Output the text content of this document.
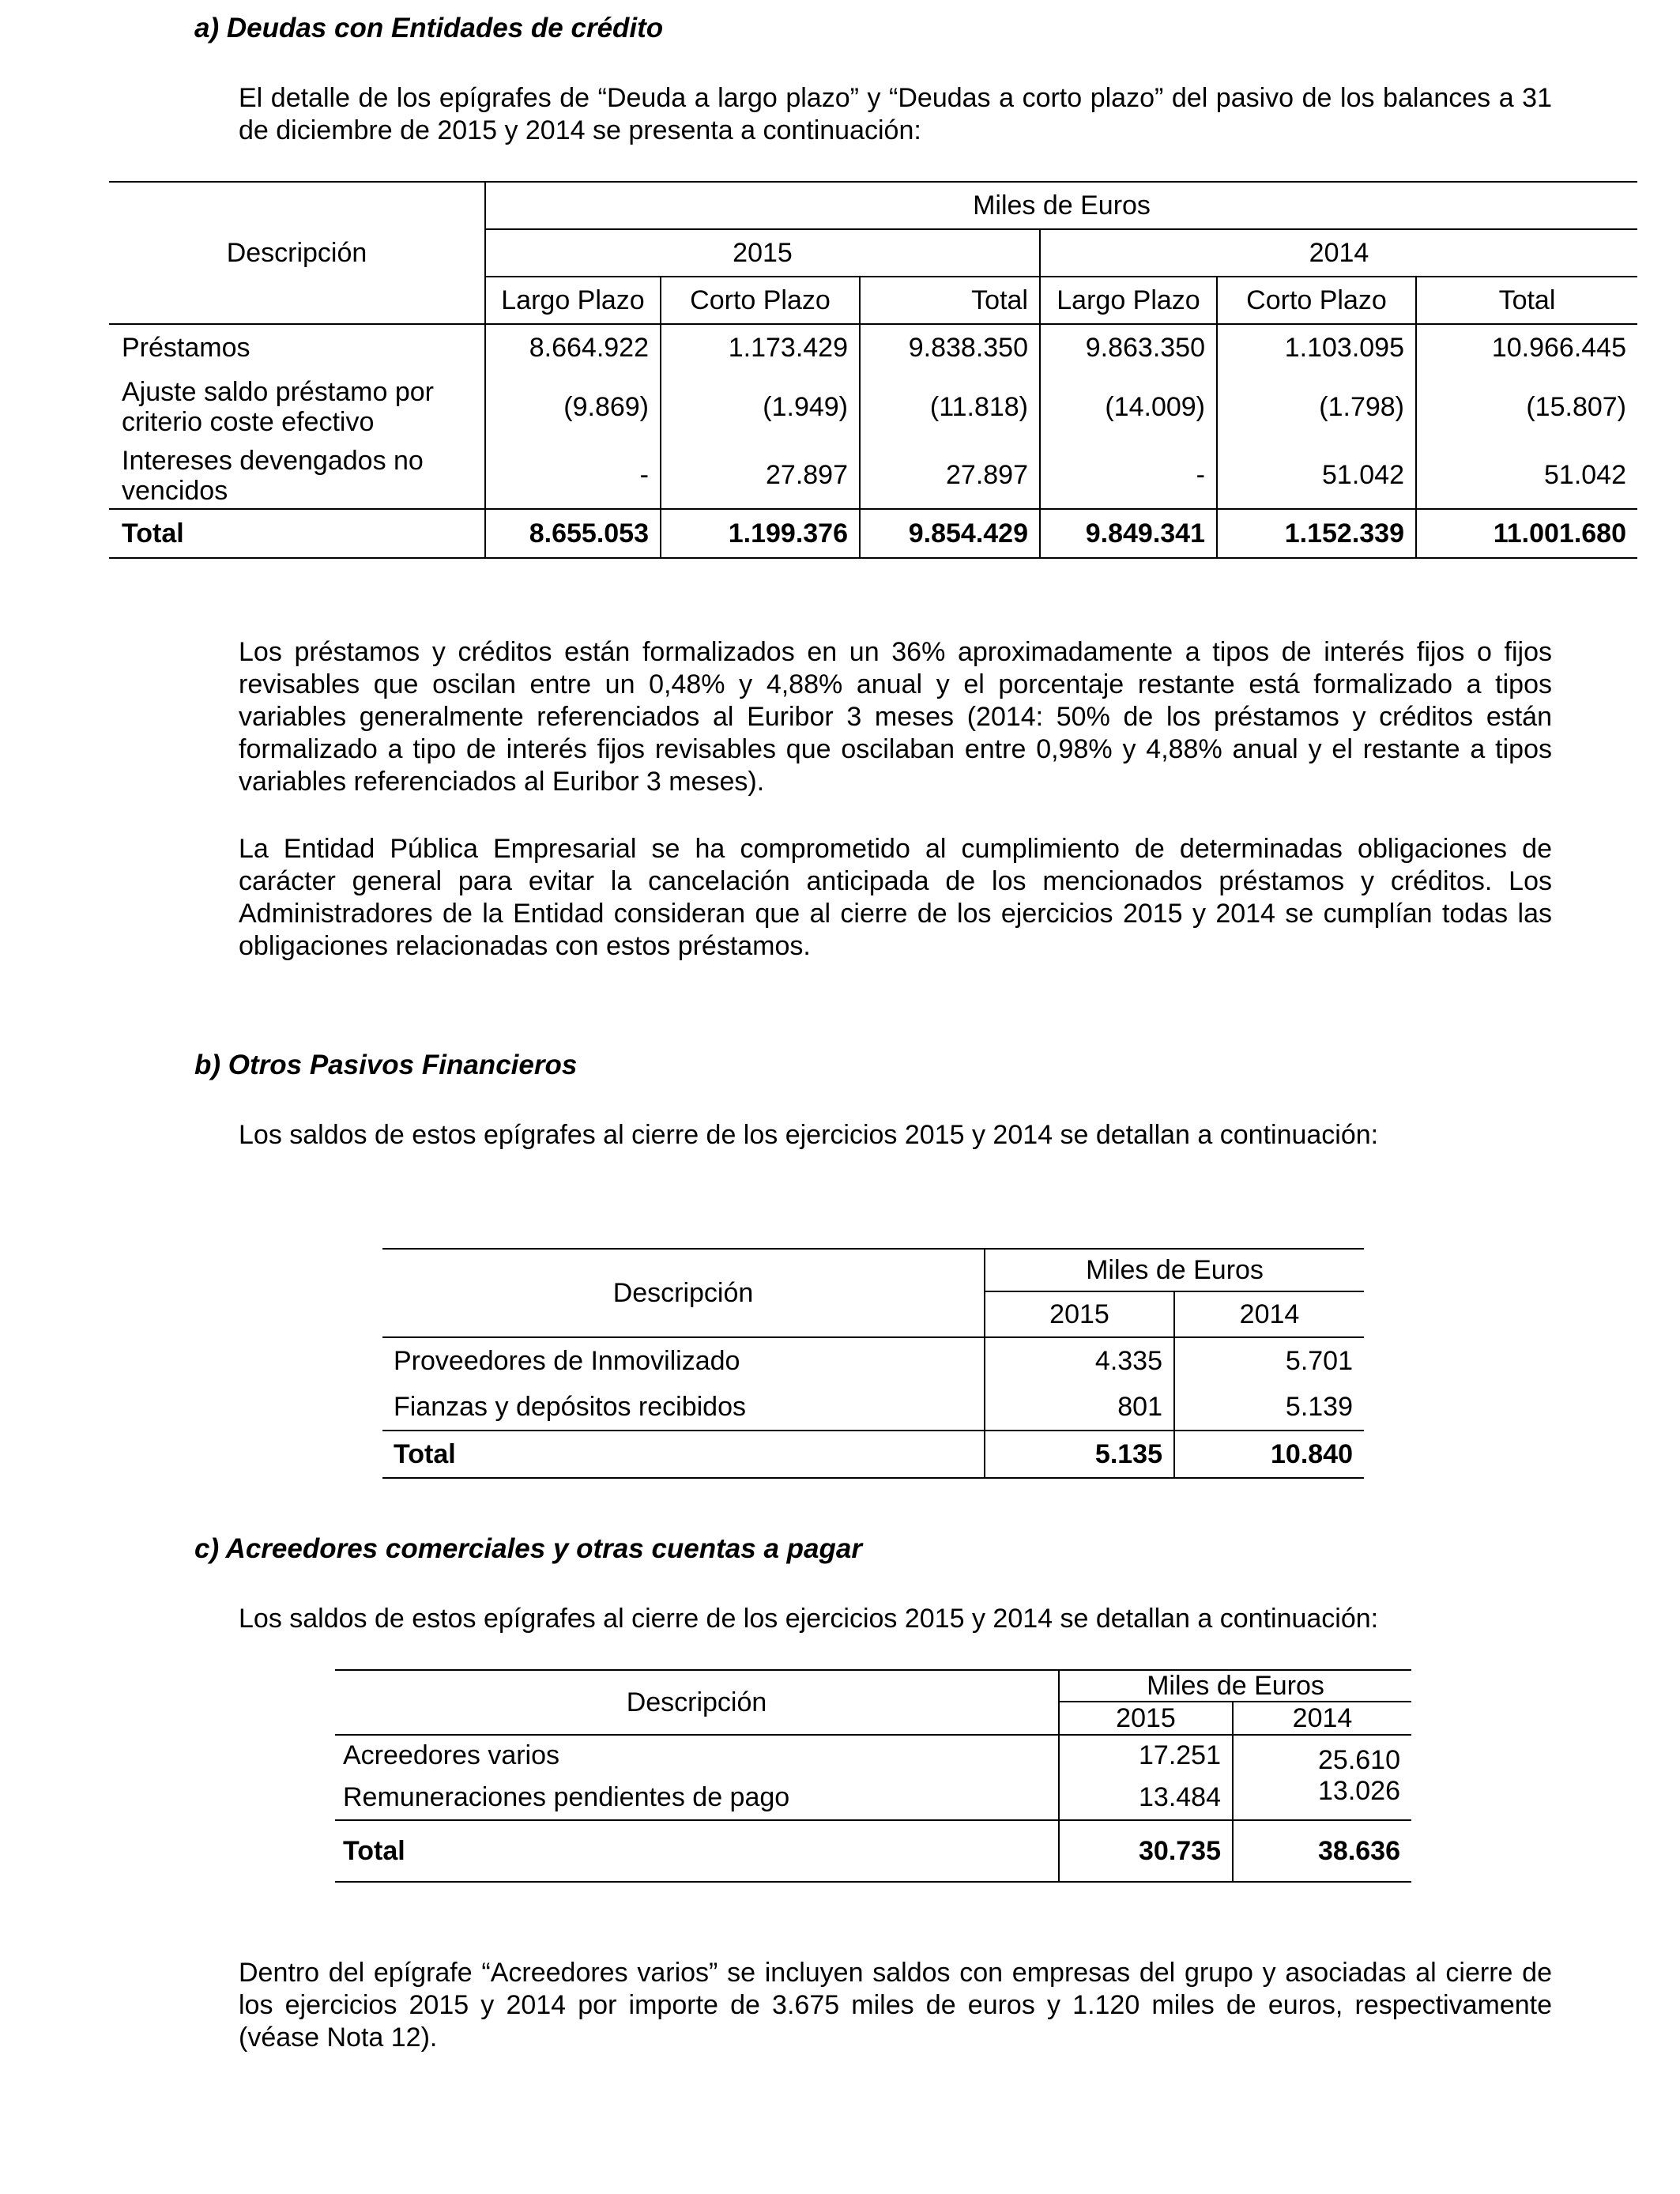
a) Deudas con Entidades de crédito
El detalle de los epígrafes de “Deuda a largo plazo” y “Deudas a corto plazo” del pasivo de los balances a 31 de diciembre de 2015 y 2014 se presenta a continuación:
Descripción	Miles de Euros					
	2015			2014		
	Largo Plazo	Corto Plazo	Total	Largo Plazo	Corto Plazo	Total
Préstamos	8.664.922	1.173.429	9.838.350	9.863.350	1.103.095	10.966.445
Ajuste saldo préstamo por criterio coste efectivo	(9.869)	(1.949)	(11.818)	(14.009)	(1.798)	(15.807)
Intereses devengados no vencidos	-	27.897	27.897	-	51.042	51.042
Total	8.655.053	1.199.376	9.854.429	9.849.341	1.152.339	11.001.680
Los préstamos y créditos están formalizados en un 36% aproximadamente a tipos de interés fijos o fijos revisables que oscilan entre un 0,48% y 4,88% anual y el porcentaje restante está formalizado a tipos variables generalmente referenciados al Euribor 3 meses (2014: 50% de los préstamos y créditos están formalizado a tipo de interés fijos revisables que oscilaban entre 0,98% y 4,88% anual y el restante a tipos variables referenciados al Euribor 3 meses).
La Entidad Pública Empresarial se ha comprometido al cumplimiento de determinadas obligaciones de carácter general para evitar la cancelación anticipada de los mencionados préstamos y créditos. Los Administradores de la Entidad consideran que al cierre de los ejercicios 2015 y 2014 se cumplían todas las obligaciones relacionadas con estos préstamos.
b) Otros Pasivos Financieros
Los saldos de estos epígrafes al cierre de los ejercicios 2015 y 2014 se detallan a continuación:
Descripción	Miles de Euros	
	2015	2014
Proveedores de Inmovilizado	4.335	5.701
Fianzas y depósitos recibidos	801	5.139
Total	5.135	10.840
c) Acreedores comerciales y otras cuentas a pagar
Los saldos de estos epígrafes al cierre de los ejercicios 2015 y 2014 se detallan a continuación:
Descripción	Miles de Euros	
	2015	2014
Acreedores varios	17.251	25.610
Remuneraciones pendientes de pago	13.484	13.026
Total	30.735	38.636
Dentro del epígrafe “Acreedores varios” se incluyen saldos con empresas del grupo y asociadas al cierre de los ejercicios 2015 y 2014 por importe de 3.675 miles de euros y 1.120 miles de euros, respectivamente (véase Nota 12).
